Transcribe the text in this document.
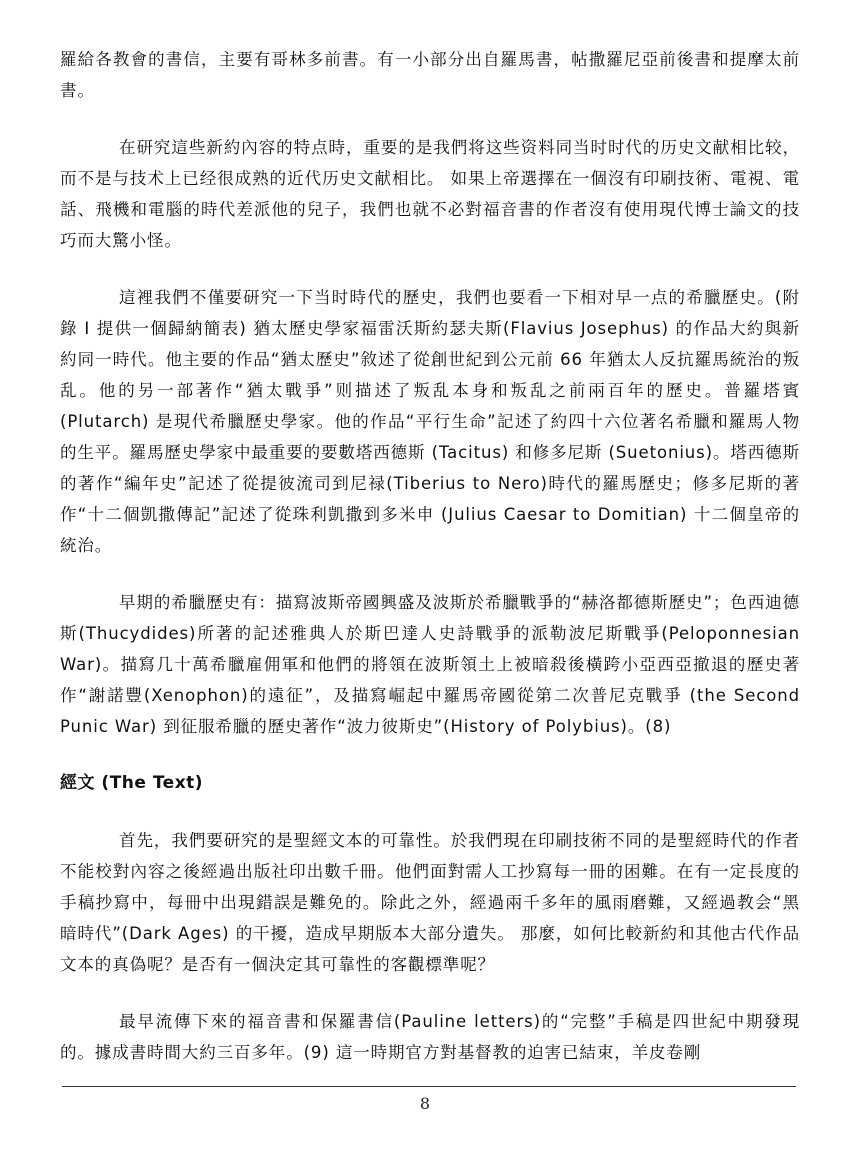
羅給各教會的書信，主要有哥林多前書。有一小部分出自羅馬書，帖撒羅尼亞前後書和提摩太前書。

在研究這些新約內容的特点時，重要的是我們将这些资料同当时时代的历史文献相比较，而不是与技术上已经很成熟的近代历史文献相比。 如果上帝選擇在一個沒有印刷技術、電視、電話、飛機和電腦的時代差派他的兒子，我們也就不必對福音書的作者沒有使用現代博士論文的技巧而大驚小怪。

這裡我們不僅要研究一下当时時代的歷史，我們也要看一下相对早一点的希臘歷史。(附錄 I 提供一個歸納簡表) 猶太歷史學家福雷沃斯約瑟夫斯(Flavius Josephus) 的作品大約與新約同一時代。他主要的作品“猶太歷史”敘述了從創世紀到公元前 66 年猶太人反抗羅馬統治的叛乱。他的另一部著作“猶太戰爭”则描述了叛乱本身和叛乱之前兩百年的歷史。普羅塔賓(Plutarch) 是現代希臘歷史學家。他的作品“平行生命”記述了約四十六位著名希臘和羅馬人物的生平。羅馬歷史學家中最重要的要數塔西德斯 (Tacitus) 和修多尼斯 (Suetonius)。塔西德斯的著作“編年史”記述了從提彼流司到尼禄(Tiberius to Nero)時代的羅馬歷史；修多尼斯的著作“十二個凱撒傳記”記述了從珠利凱撒到多米申 (Julius Caesar to Domitian) 十二個皇帝的統治。

早期的希臘歷史有：描寫波斯帝國興盛及波斯於希臘戰爭的“赫洛都德斯歷史”；色西迪德斯(Thucydides)所著的記述雅典人於斯巴達人史詩戰爭的派勒波尼斯戰爭(Peloponnesian War)。描寫几十萬希臘雇佣軍和他們的將領在波斯領土上被暗殺後橫跨小亞西亞撤退的歷史著作“謝諾豐(Xenophon)的遠征”，及描寫崛起中羅馬帝國從第二次普尼克戰爭 (the Second Punic War) 到征服希臘的歷史著作“波力彼斯史”(History of Polybius)。(8)

經文 (The Text)

首先，我們要研究的是聖經文本的可靠性。於我們現在印刷技術不同的是聖經時代的作者不能校對內容之後經過出版社印出數千冊。他們面對需人工抄寫每一冊的困難。在有一定長度的手稿抄寫中，每冊中出現錯誤是難免的。除此之外，經過兩千多年的風雨磨難，又經過教会“黑暗時代”(Dark Ages) 的干擾，造成早期版本大部分遺失。 那麼，如何比較新約和其他古代作品文本的真偽呢？是否有一個決定其可靠性的客觀標準呢？

最早流傳下來的福音書和保羅書信(Pauline letters)的“完整”手稿是四世紀中期發現的。據成書時間大約三百多年。(9) 這一時期官方對基督教的迫害已結束，羊皮卷剛

8
